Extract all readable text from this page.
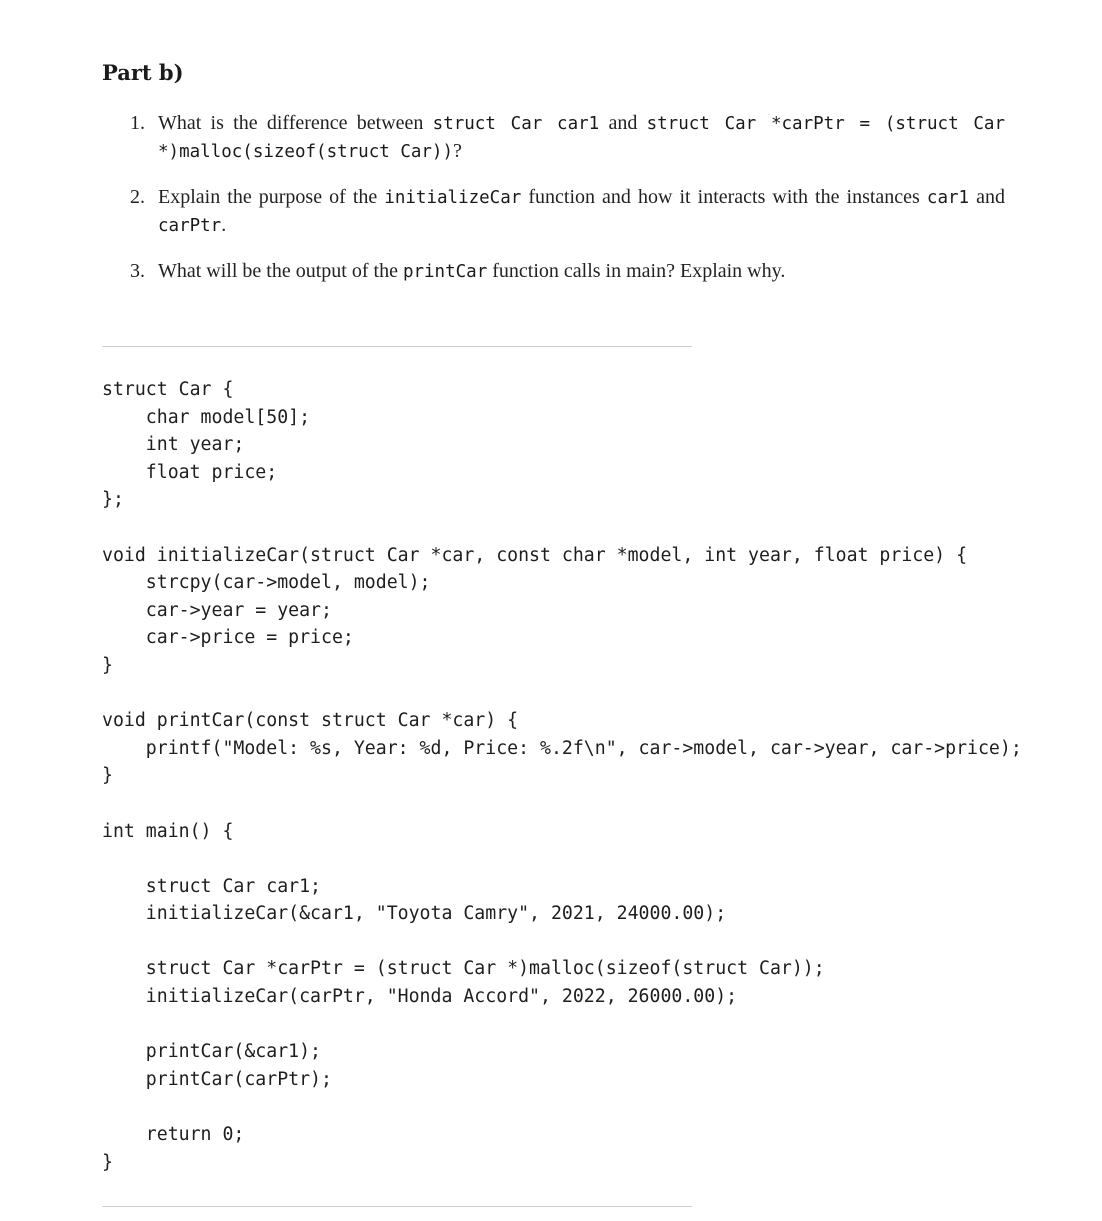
Part b)
1. What is the difference between struct Car car1 and struct Car *carPtr = (struct Car *)malloc(sizeof(struct Car))?
2. Explain the purpose of the initializeCar function and how it interacts with the instances car1 and carPtr.
3. What will be the output of the printCar function calls in main? Explain why.
struct Car {
char model[50];
int year;
float price;
};

void initializeCar(struct Car *car, const char *model, int year, float price) {
strcpy(car->model, model);
car->year = year;
car->price = price;
}

void printCar(const struct Car *car) {
printf("Model: %s, Year: %d, Price: %.2f\n", car->model, car->year, car->price);
}

int main() {

struct Car car1;
initializeCar(&car1, "Toyota Camry", 2021, 24000.00);

struct Car *carPtr = (struct Car *)malloc(sizeof(struct Car));
initializeCar(carPtr, "Honda Accord", 2022, 26000.00);

printCar(&car1);
printCar(carPtr);

return 0;
}
